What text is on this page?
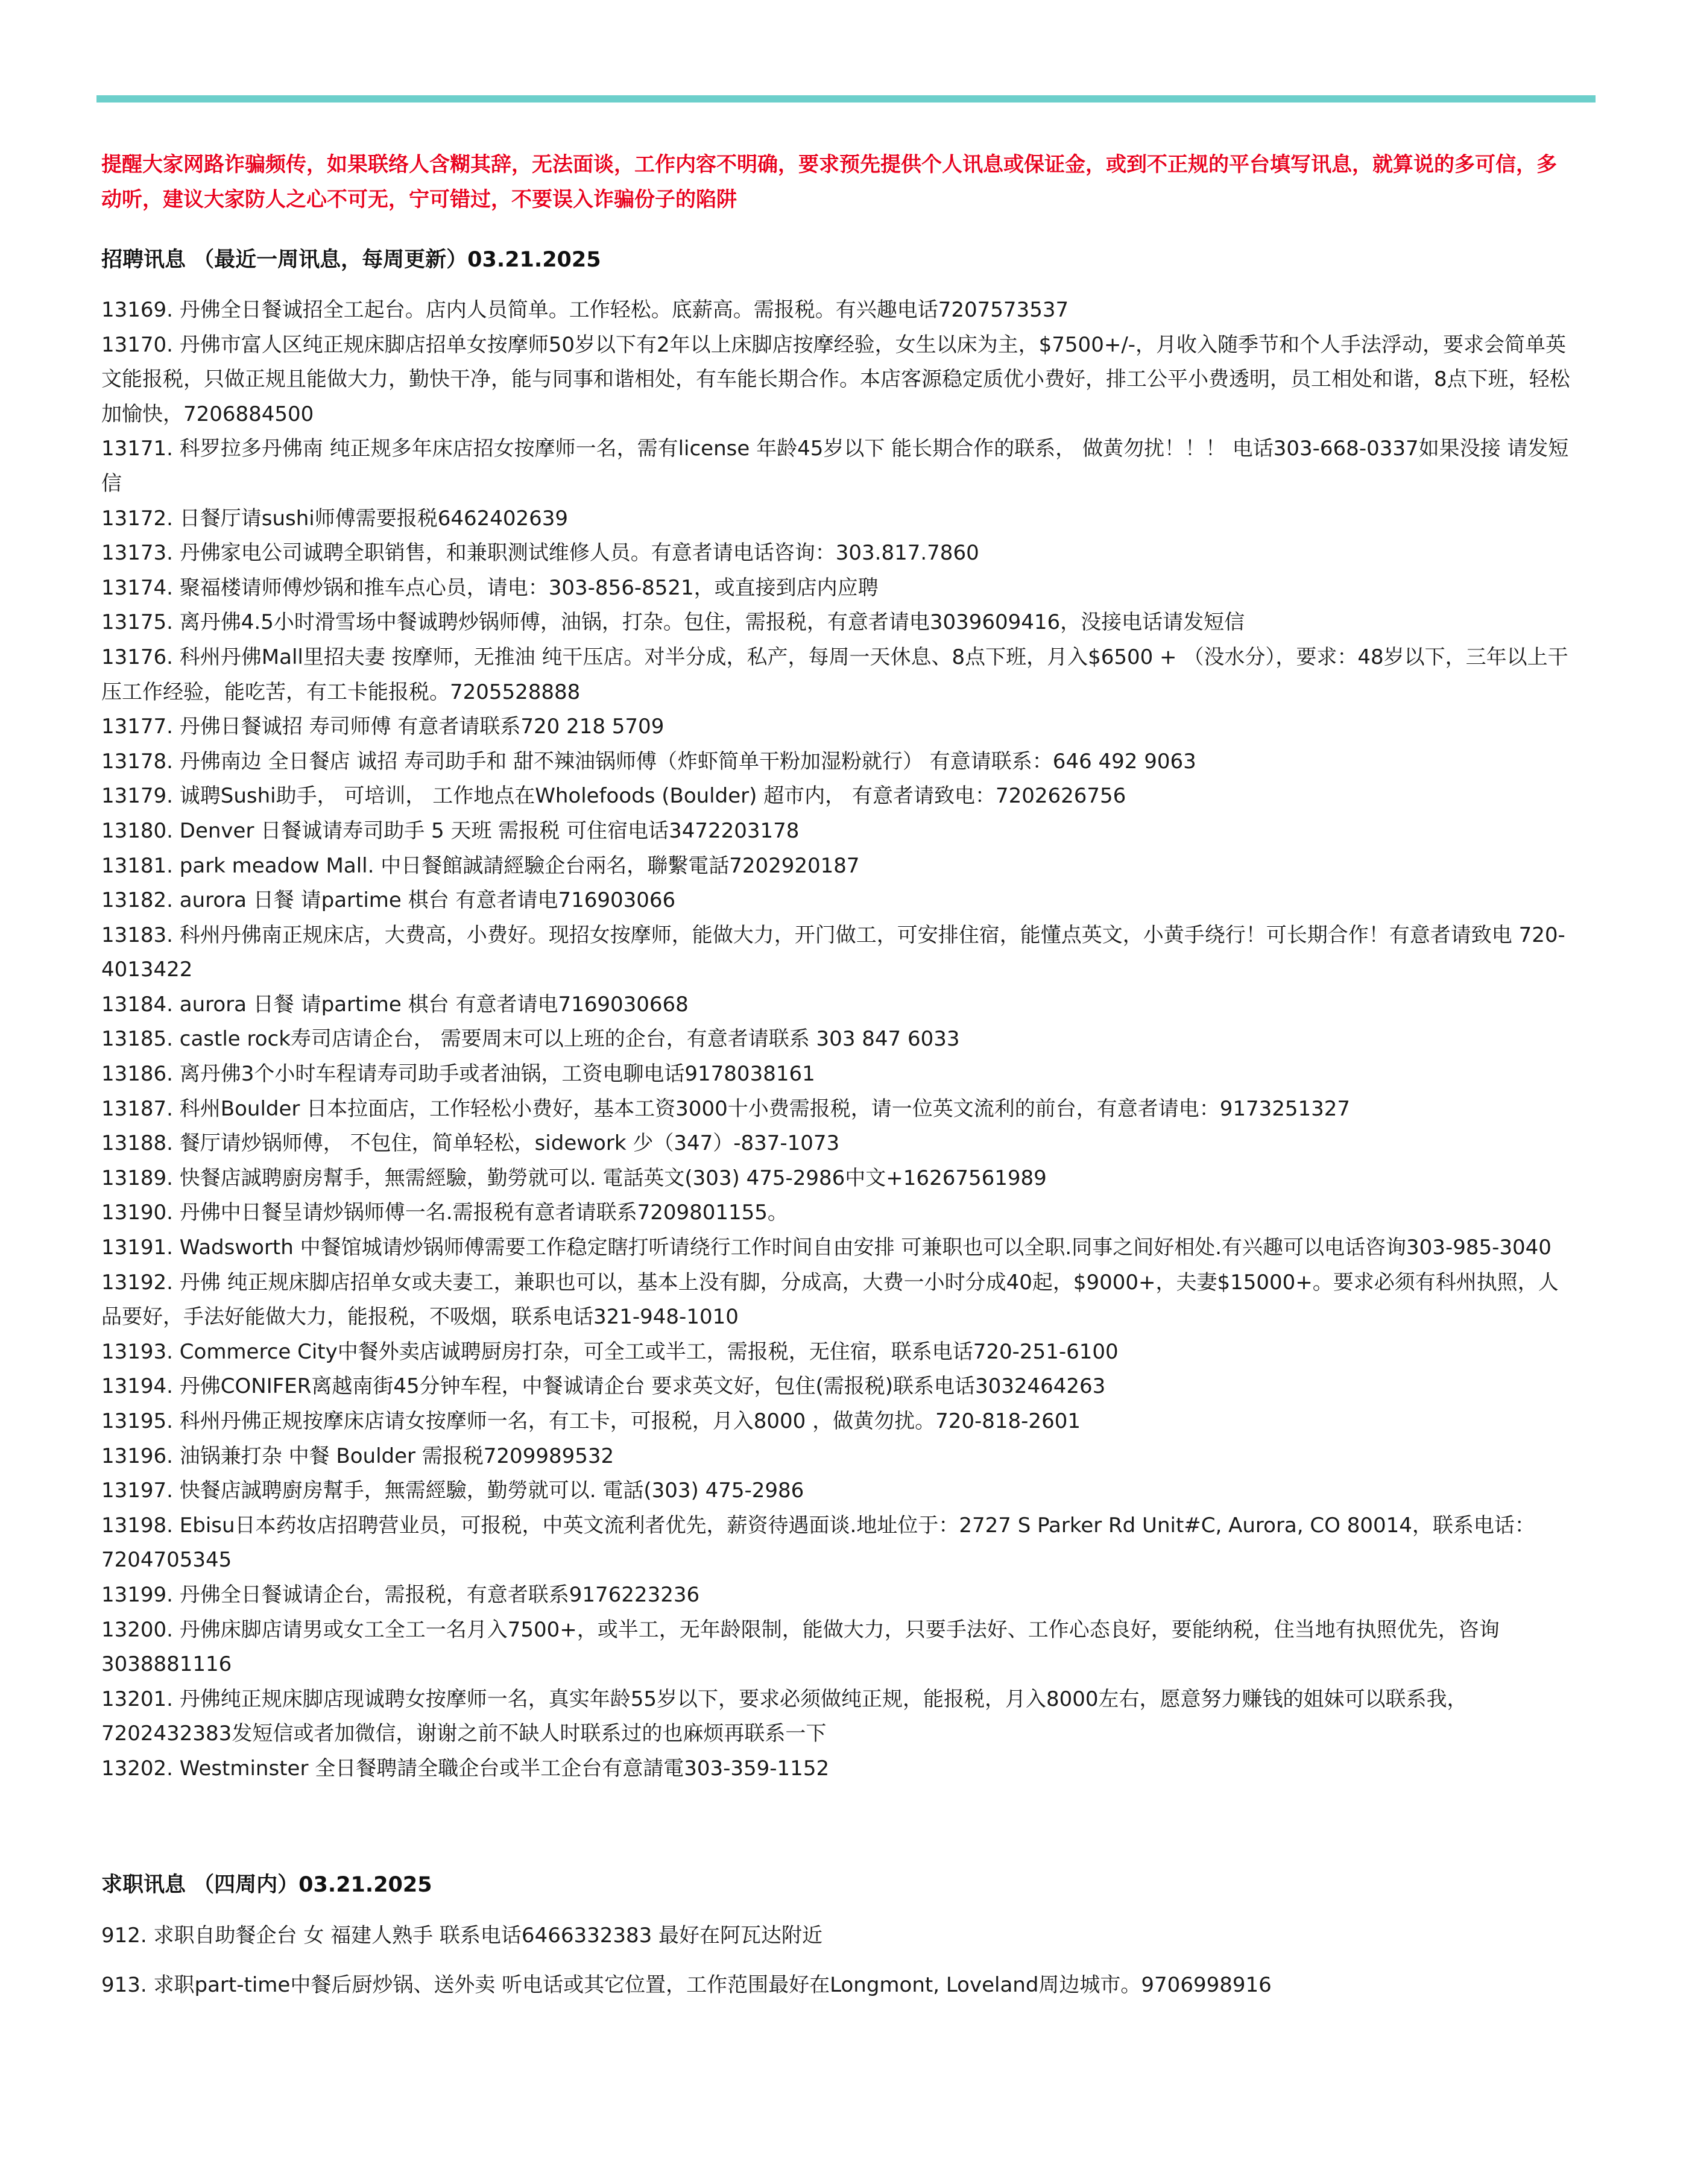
提醒大家网路诈骗频传，如果联络人含糊其辞，无法面谈，工作内容不明确，要求预先提供个人讯息或保证金，或到不正规的平台填写讯息，就算说的多可信，多动听，建议大家防人之心不可无，宁可错过，不要误入诈骗份子的陷阱

招聘讯息 （最近一周讯息，每周更新）03.21.2025
13169. 丹佛全日餐诚招全工起台。店内人员简单。工作轻松。底薪高。需报税。有兴趣电话7207573537
13170. 丹佛市富人区纯正规床脚店招单女按摩师50岁以下有2年以上床脚店按摩经验，女生以床为主，$7500+/-，月收入随季节和个人手法浮动，要求会简单英文能报税，只做正规且能做大力，勤快干净，能与同事和谐相处，有车能长期合作。本店客源稳定质优小费好，排工公平小费透明，员工相处和谐，8点下班，轻松加愉快，7206884500
13171. 科罗拉多丹佛南 纯正规多年床店招女按摩师一名，需有license 年龄45岁以下 能长期合作的联系， 做黄勿扰！！！ 电话303-668-0337如果没接 请发短信
13172. 日餐厅请sushi师傅需要报税6462402639
13173. 丹佛家电公司诚聘全职销售，和兼职测试维修人员。有意者请电话咨询：303.817.7860
13174. 聚福楼请师傅炒锅和推车点心员，请电：303-856-8521，或直接到店内应聘
13175. 离丹佛4.5小时滑雪场中餐诚聘炒锅师傅，油锅，打杂。包住，需报税，有意者请电3039609416，没接电话请发短信
13176. 科州丹佛Mall里招夫妻 按摩师，无推油 纯干压店。对半分成，私产，每周一天休息、8点下班，月入$6500 + （没水分），要求：48岁以下，三年以上干压工作经验，能吃苦，有工卡能报税。7205528888
13177. 丹佛日餐诚招 寿司师傅 有意者请联系720 218 5709
13178. 丹佛南边 全日餐店 诚招 寿司助手和 甜不辣油锅师傅（炸虾简单干粉加湿粉就行） 有意请联系：646 492 9063
13179. 诚聘Sushi助手， 可培训， 工作地点在Wholefoods (Boulder) 超市内， 有意者请致电：7202626756
13180. Denver 日餐诚请寿司助手 5 天班 需报税 可住宿电话3472203178
13181. park meadow Mall. 中日餐館誠請經驗企台兩名，聯繫電話7202920187
13182. aurora 日餐 请partime 棋台 有意者请电716903066
13183. 科州丹佛南正规床店，大费高，小费好。现招女按摩师，能做大力，开门做工，可安排住宿，能懂点英文，小黄手绕行！可长期合作！有意者请致电 720-4013422
13184. aurora 日餐 请partime 棋台 有意者请电7169030668
13185. castle rock寿司店请企台， 需要周末可以上班的企台，有意者请联系 303 847 6033
13186. 离丹佛3个小时车程请寿司助手或者油锅，工资电聊电话9178038161
13187. 科州Boulder 日本拉面店，工作轻松小费好，基本工资3000十小费需报税，请一位英文流利的前台，有意者请电：9173251327
13188. 餐厅请炒锅师傅， 不包住，简单轻松，sidework 少（347）-837-1073
13189. 快餐店誠聘廚房幫手，無需經驗，勤勞就可以. 電話英文(303) 475-2986中文+16267561989
13190. 丹佛中日餐呈请炒锅师傅一名.需报税有意者请联系7209801155。
13191. Wadsworth 中餐馆城请炒锅师傅需要工作稳定瞎打听请绕行工作时间自由安排 可兼职也可以全职.同事之间好相处.有兴趣可以电话咨询303-985-3040
13192. 丹佛 纯正规床脚店招单女或夫妻工，兼职也可以，基本上没有脚，分成高，大费一小时分成40起，$9000+，夫妻$15000+。要求必须有科州执照，人品要好，手法好能做大力，能报税，不吸烟，联系电话321-948-1010
13193. Commerce City中餐外卖店诚聘厨房打杂，可全工或半工，需报税，无住宿，联系电话720-251-6100
13194. 丹佛CONIFER离越南街45分钟车程，中餐诚请企台 要求英文好，包住(需报税)联系电话3032464263
13195. 科州丹佛正规按摩床店请女按摩师一名，有工卡，可报税，月入8000 ，做黄勿扰。720-818-2601
13196. 油锅兼打杂 中餐 Boulder 需报税7209989532
13197. 快餐店誠聘廚房幫手，無需經驗，勤勞就可以. 電話(303) 475-2986
13198. Ebisu日本药妆店招聘营业员，可报税，中英文流利者优先，薪资待遇面谈.地址位于：2727 S Parker Rd Unit#C, Aurora, CO 80014，联系电话：7204705345
13199. 丹佛全日餐诚请企台，需报税，有意者联系9176223236
13200. 丹佛床脚店请男或女工全工一名月入7500+，或半工，无年龄限制，能做大力，只要手法好、工作心态良好，要能纳税，住当地有执照优先，咨询3038881116
13201. 丹佛纯正规床脚店现诚聘女按摩师一名，真实年龄55岁以下，要求必须做纯正规，能报税，月入8000左右，愿意努力赚钱的姐妹可以联系我，7202432383发短信或者加微信，谢谢之前不缺人时联系过的也麻烦再联系一下
13202. Westminster 全日餐聘請全職企台或半工企台有意請電303-359-1152
求职讯息 （四周内）03.21.2025
912. 求职自助餐企台 女 福建人熟手 联系电话6466332383 最好在阿瓦达附近
913. 求职part-time中餐后厨炒锅、送外卖 听电话或其它位置，工作范围最好在Longmont, Loveland周边城市。9706998916
